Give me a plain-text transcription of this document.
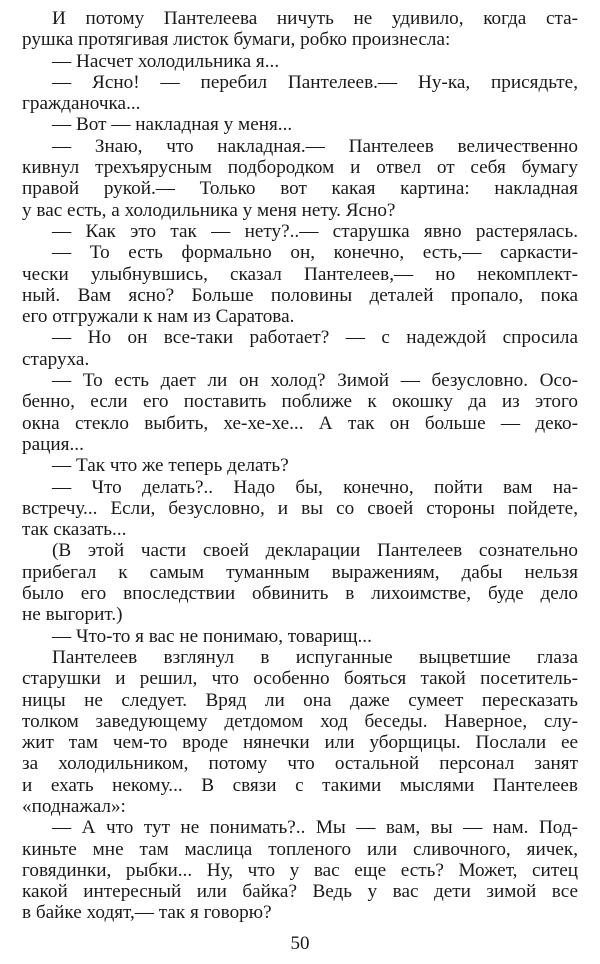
И потому Пантелеева ничуть не удивило, когда ста-
рушка протягивая листок бумаги, робко произнесла:
— Насчет холодильника я...
— Ясно! — перебил Пантелеев.— Ну-ка, присядьте,
гражданочка...
— Вот — накладная у меня...
— Знаю, что накладная.— Пантелеев величественно
кивнул трехъярусным подбородком и отвел от себя бумагу
правой рукой.— Только вот какая картина: накладная
у вас есть, а холодильника у меня нету. Ясно?
— Как это так — нету?..— старушка явно растерялась.
— То есть формально он, конечно, есть,— саркасти-
чески улыбнувшись, сказал Пантелеев,— но некомплект-
ный. Вам ясно? Больше половины деталей пропало, пока
его отгружали к нам из Саратова.
— Но он все-таки работает? — с надеждой спросила
старуха.
— То есть дает ли он холод? Зимой — безусловно. Осо-
бенно, если его поставить поближе к окошку да из этого
окна стекло выбить, хе-хе-хе... А так он больше — деко-
рация...
— Так что же теперь делать?
— Что делать?.. Надо бы, конечно, пойти вам на-
встречу... Если, безусловно, и вы со своей стороны пойдете,
так сказать...
(В этой части своей декларации Пантелеев сознательно
прибегал к самым туманным выражениям, дабы нельзя
было его впоследствии обвинить в лихоимстве, буде дело
не выгорит.)
— Что-то я вас не понимаю, товарищ...
Пантелеев взглянул в испуганные выцветшие глаза
старушки и решил, что особенно бояться такой посетитель-
ницы не следует. Вряд ли она даже сумеет пересказать
толком заведующему детдомом ход беседы. Наверное, слу-
жит там чем-то вроде нянечки или уборщицы. Послали ее
за холодильником, потому что остальной персонал занят
и ехать некому... В связи с такими мыслями Пантелеев
«поднажал»:
— А что тут не понимать?.. Мы — вам, вы — нам. Под-
киньте мне там маслица топленого или сливочного, яичек,
говядинки, рыбки... Ну, что у вас еще есть? Может, ситец
какой интересный или байка? Ведь у вас дети зимой все
в байке ходят,— так я говорю?
50
